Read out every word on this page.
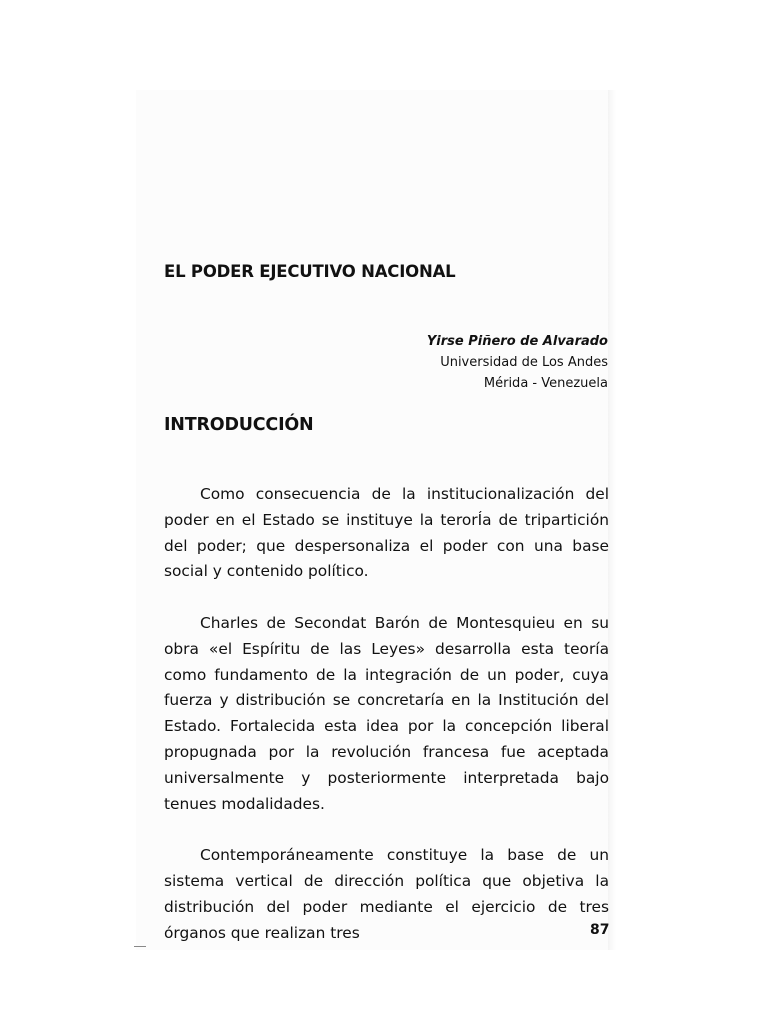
EL PODER EJECUTIVO NACIONAL
Yirse Piñero de Alvarado
Universidad de Los Andes
Mérida - Venezuela
INTRODUCCIÓN

Como consecuencia de la institucionalización del poder en el Estado se instituye la terorÍa de tripartición del poder; que despersonaliza el poder con una base social y contenido político.

Charles de Secondat Barón de Montesquieu en su obra «el Espíritu de las Leyes» desarrolla esta teoría como fundamento de la integración de un poder, cuya fuerza y distribución se concretaría en la Institución del Estado. Fortalecida esta idea por la concepción liberal propugnada por la revolución francesa fue aceptada universalmente y posteriormente interpretada bajo tenues modalidades.

Contemporáneamente constituye la base de un sistema vertical de dirección política que objetiva la distribución del poder mediante el ejercicio de tres órganos que realizan tres	87
